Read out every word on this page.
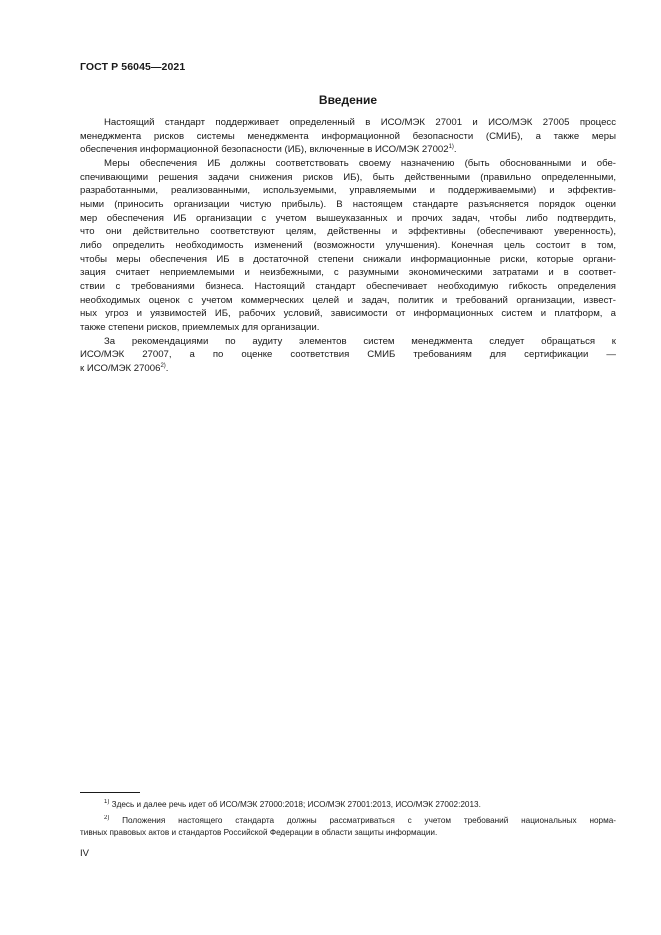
ГОСТ Р 56045—2021
Введение
Настоящий стандарт поддерживает определенный в ИСО/МЭК 27001 и ИСО/МЭК 27005 процесс
менеджмента рисков системы менеджмента информационной безопасности (СМИБ), а также меры
обеспечения информационной безопасности (ИБ), включенные в ИСО/МЭК 27002$^{1)}$.
Меры обеспечения ИБ должны соответствовать своему назначению (быть обоснованными и обе-
спечивающими решения задачи снижения рисков ИБ), быть действенными (правильно определенными,
разработанными, реализованными, используемыми, управляемыми и поддерживаемыми) и эффектив-
ными (приносить организации чистую прибыль). В настоящем стандарте разъясняется порядок оценки
мер обеспечения ИБ организации с учетом вышеуказанных и прочих задач, чтобы либо подтвердить,
что они действительно соответствуют целям, действенны и эффективны (обеспечивают уверенность),
либо определить необходимость изменений (возможности улучшения). Конечная цель состоит в том,
чтобы меры обеспечения ИБ в достаточной степени снижали информационные риски, которые органи-
зация считает неприемлемыми и неизбежными, с разумными экономическими затратами и в соответ-
ствии с требованиями бизнеса. Настоящий стандарт обеспечивает необходимую гибкость определения
необходимых оценок с учетом коммерческих целей и задач, политик и требований организации, извест-
ных угроз и уязвимостей ИБ, рабочих условий, зависимости от информационных систем и платформ, а
также степени рисков, приемлемых для организации.
За рекомендациями по аудиту элементов систем менеджмента следует обращаться к
ИСО/МЭК 27007, а по оценке соответствия СМИБ требованиям для сертификации —
к ИСО/МЭК 27006$^{2)}$.
$^{1)}$ Здесь и далее речь идет об ИСО/МЭК 27000:2018; ИСО/МЭК 27001:2013, ИСО/МЭК 27002:2013.
$^{2)}$ Положения настоящего стандарта должны рассматриваться с учетом требований национальных норма-
тивных правовых актов и стандартов Российской Федерации в области защиты информации.
IV
